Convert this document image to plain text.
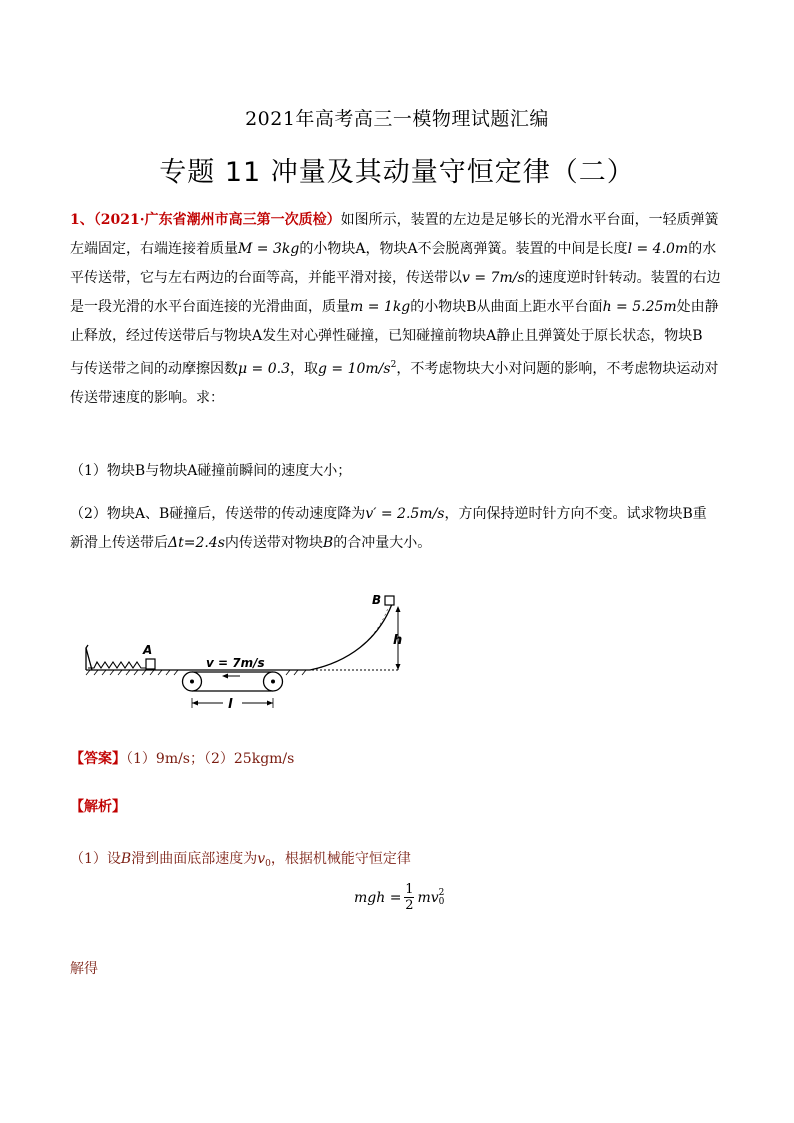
2021年高考高三一模物理试题汇编
专题 11 冲量及其动量守恒定律（二）
1、（2021·广东省潮州市高三第一次质检）如图所示，装置的左边是足够长的光滑水平台面，一轻质弹簧
左端固定，右端连接着质量M = 3kg的小物块A，物块A不会脱离弹簧。装置的中间是长度l = 4.0m的水
平传送带，它与左右两边的台面等高，并能平滑对接，传送带以v = 7m/s的速度逆时针转动。装置的右边
是一段光滑的水平台面连接的光滑曲面，质量m = 1kg的小物块B从曲面上距水平台面h = 5.25m处由静
止释放，经过传送带后与物块A发生对心弹性碰撞，已知碰撞前物块A静止且弹簧处于原长状态，物块B
与传送带之间的动摩擦因数μ = 0.3，取$g = 10m/s^2$，不考虑物块大小对问题的影响，不考虑物块运动对
传送带速度的影响。求：
（1）物块B与物块A碰撞前瞬间的速度大小；
（2）物块A、B碰撞后，传送带的传动速度降为v′ = 2.5m/s，方向保持逆时针方向不变。试求物块B重
新滑上传送带后Δt=2.4s内传送带对物块B的合冲量大小。
A
v = 7m/s
l
B
h
【答案】（1）9m/s；（2）25kgm/s
【解析】
（1）设B滑到曲面底部速度为$v_0$，根据机械能守恒定律
mgh = $\frac{1}{2}$ mv 2
0
解得
